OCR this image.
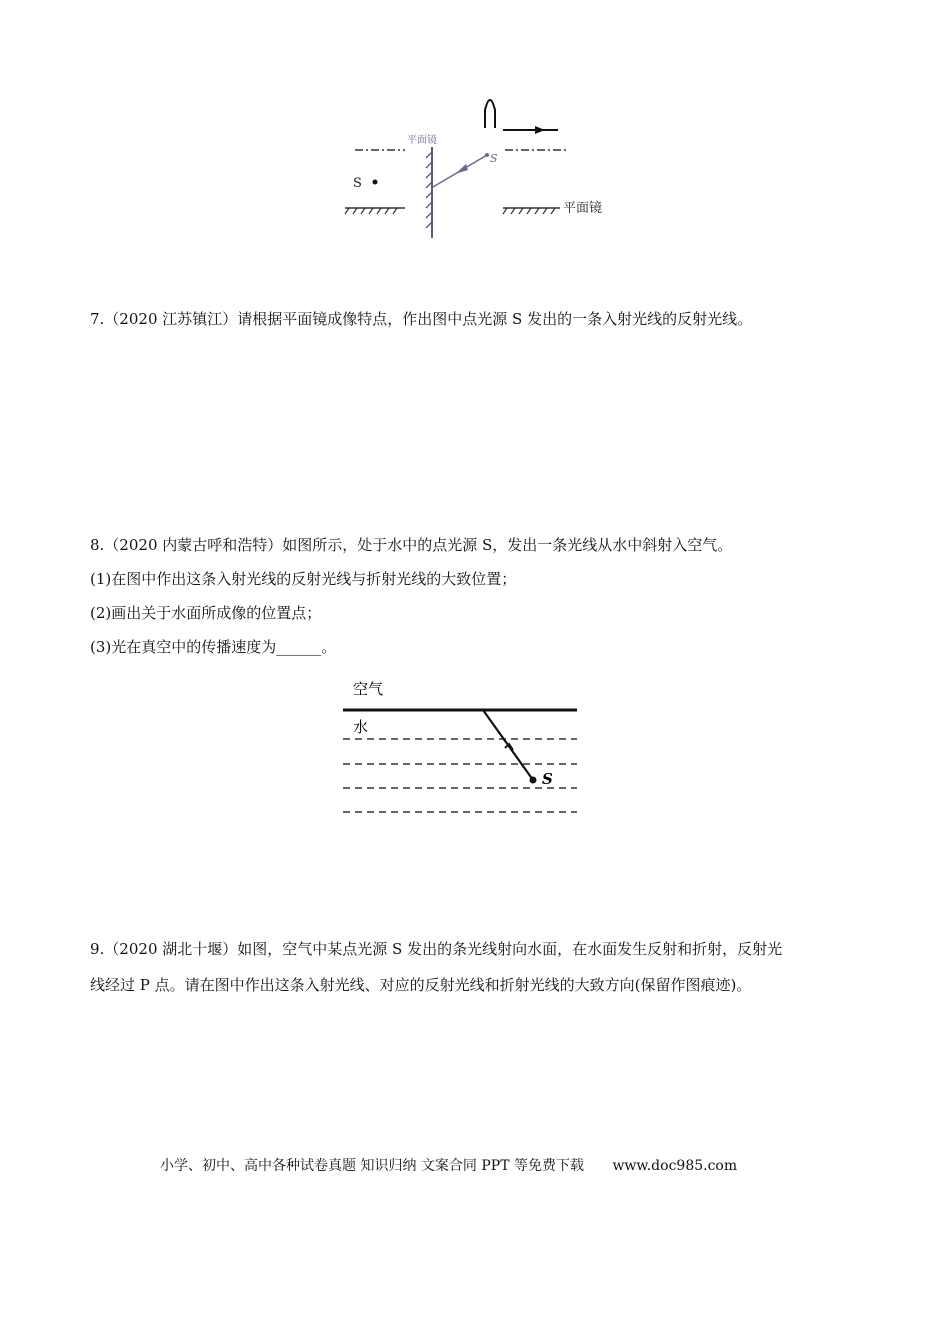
平面镜
平面镜
S
S
7.（2020 江苏镇江）请根据平面镜成像特点，作出图中点光源 S 发出的一条入射光线的反射光线。
8.（2020 内蒙古呼和浩特）如图所示，处于水中的点光源 S，发出一条光线从水中斜射入空气。
(1)在图中作出这条入射光线的反射光线与折射光线的大致位置；
(2)画出关于水面所成像的位置点；
(3)光在真空中的传播速度为______。
空气
水
S
9.（2020 湖北十堰）如图，空气中某点光源 S 发出的条光线射向水面，在水面发生反射和折射，反射光
线经过 P 点。请在图中作出这条入射光线、对应的反射光线和折射光线的大致方向(保留作图痕迹)。
小学、初中、高中各种试卷真题 知识归纳 文案合同 PPT 等免费下载 www.doc985.com
